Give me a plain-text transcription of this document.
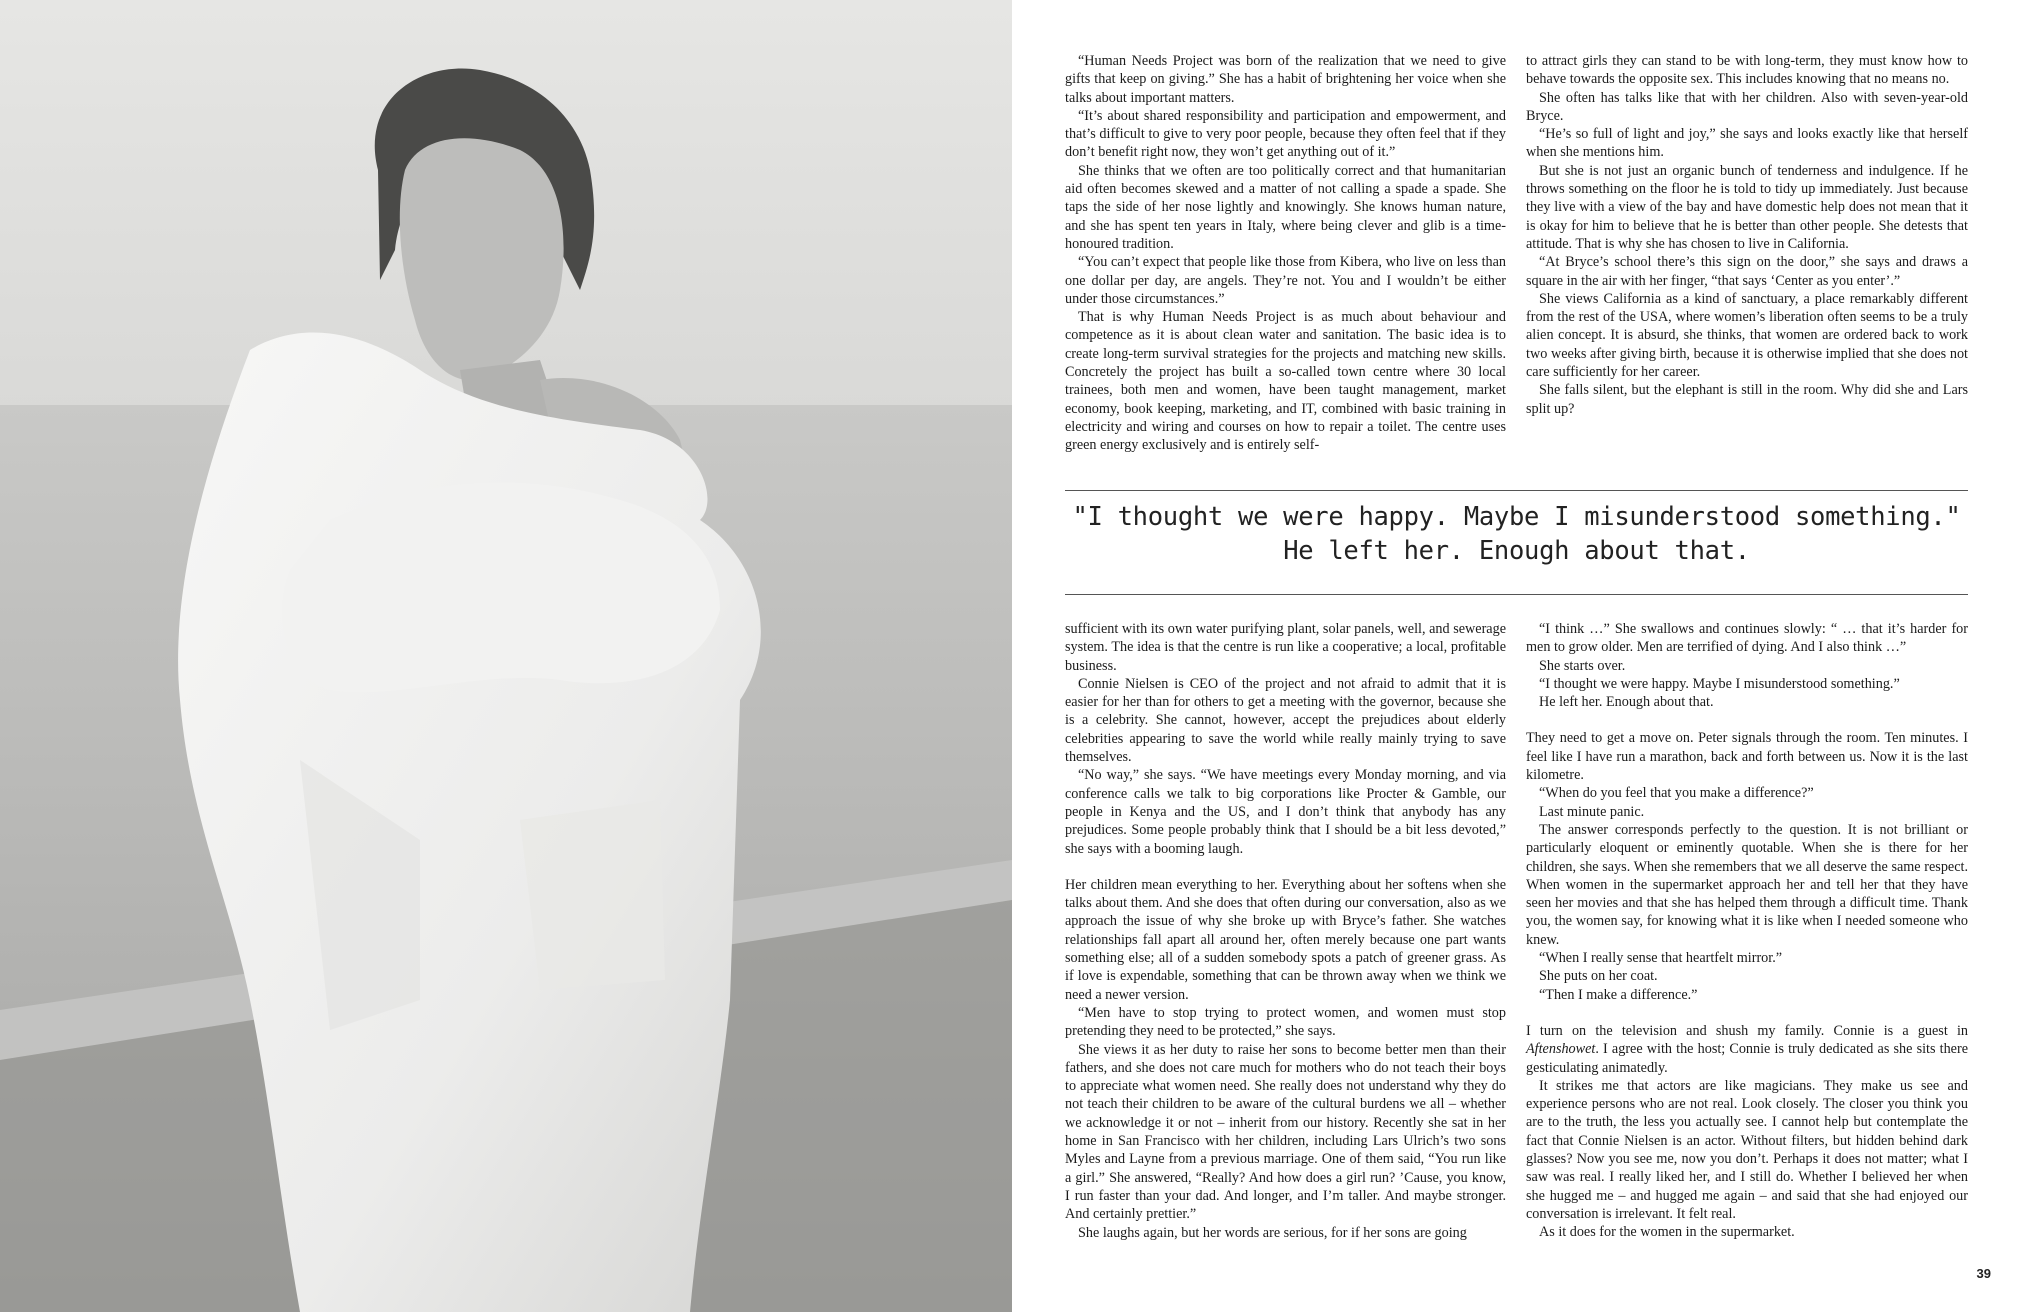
“Human Needs Project was born of the realization that we need to give gifts that keep on giving.” She has a habit of brightening her voice when she talks about important matters.

“It’s about shared responsibility and participation and empowerment, and that’s difficult to give to very poor people, because they often feel that if they don’t benefit right now, they won’t get anything out of it.”

She thinks that we often are too politically correct and that humanitarian aid often becomes skewed and a matter of not calling a spade a spade. She taps the side of her nose lightly and knowingly. She knows human nature, and she has spent ten years in Italy, where being clever and glib is a time-honoured tradition.

“You can’t expect that people like those from Kibera, who live on less than one dollar per day, are angels. They’re not. You and I wouldn’t be either under those circumstances.”

That is why Human Needs Project is as much about behaviour and competence as it is about clean water and sanitation. The basic idea is to create long-term survival strategies for the projects and matching new skills. Concretely the project has built a so-called town centre where 30 local trainees, both men and women, have been taught management, market economy, book keeping, marketing, and IT, combined with basic training in electricity and wiring and courses on how to repair a toilet. The centre uses green energy exclusively and is entirely self-

to attract girls they can stand to be with long-term, they must know how to behave towards the opposite sex. This includes knowing that no means no.

She often has talks like that with her children. Also with seven-year-old Bryce.

“He’s so full of light and joy,” she says and looks exactly like that herself when she mentions him.

But she is not just an organic bunch of tenderness and indulgence. If he throws something on the floor he is told to tidy up immediately. Just because they live with a view of the bay and have domestic help does not mean that it is okay for him to believe that he is better than other people. She detests that attitude. That is why she has chosen to live in California.

“At Bryce’s school there’s this sign on the door,” she says and draws a square in the air with her finger, “that says ‘Center as you enter’.”

She views California as a kind of sanctuary, a place remarkably different from the rest of the USA, where women’s liberation often seems to be a truly alien concept. It is absurd, she thinks, that women are ordered back to work two weeks after giving birth, because it is otherwise implied that she does not care sufficiently for her career.

She falls silent, but the elephant is still in the room. Why did she and Lars split up?

"I thought we were happy. Maybe I misunderstood something."
He left her. Enough about that.

sufficient with its own water purifying plant, solar panels, well, and sewerage system. The idea is that the centre is run like a cooperative; a local, profitable business.

Connie Nielsen is CEO of the project and not afraid to admit that it is easier for her than for others to get a meeting with the governor, because she is a celebrity. She cannot, however, accept the prejudices about elderly celebrities appearing to save the world while really mainly trying to save themselves.

“No way,” she says. “We have meetings every Monday morning, and via conference calls we talk to big corporations like Procter & Gamble, our people in Kenya and the US, and I don’t think that anybody has any prejudices. Some people probably think that I should be a bit less devoted,” she says with a booming laugh.

Her children mean everything to her. Everything about her softens when she talks about them. And she does that often during our conversation, also as we approach the issue of why she broke up with Bryce’s father. She watches relationships fall apart all around her, often merely because one part wants something else; all of a sudden somebody spots a patch of greener grass. As if love is expendable, something that can be thrown away when we think we need a newer version.

“Men have to stop trying to protect women, and women must stop pretending they need to be protected,” she says.

She views it as her duty to raise her sons to become better men than their fathers, and she does not care much for mothers who do not teach their boys to appreciate what women need. She really does not understand why they do not teach their children to be aware of the cultural burdens we all – whether we acknowledge it or not – inherit from our history. Recently she sat in her home in San Francisco with her children, including Lars Ulrich’s two sons Myles and Layne from a previous marriage. One of them said, “You run like a girl.” She answered, “Really? And how does a girl run? ’Cause, you know, I run faster than your dad. And longer, and I’m taller. And maybe stronger. And certainly prettier.”

She laughs again, but her words are serious, for if her sons are going

“I think …” She swallows and continues slowly: “ … that it’s harder for men to grow older. Men are terrified of dying. And I also think …”

She starts over.

“I thought we were happy. Maybe I misunderstood something.”

He left her. Enough about that.

They need to get a move on. Peter signals through the room. Ten minutes. I feel like I have run a marathon, back and forth between us. Now it is the last kilometre.

“When do you feel that you make a difference?”

Last minute panic.

The answer corresponds perfectly to the question. It is not brilliant or particularly eloquent or eminently quotable. When she is there for her children, she says. When she remembers that we all deserve the same respect. When women in the supermarket approach her and tell her that they have seen her movies and that she has helped them through a difficult time. Thank you, the women say, for knowing what it is like when I needed someone who knew.

“When I really sense that heartfelt mirror.”

She puts on her coat.

“Then I make a difference.”

I turn on the television and shush my family. Connie is a guest in Aftenshowet. I agree with the host; Connie is truly dedicated as she sits there gesticulating animatedly.

It strikes me that actors are like magicians. They make us see and experience persons who are not real. Look closely. The closer you think you are to the truth, the less you actually see. I cannot help but contemplate the fact that Connie Nielsen is an actor. Without filters, but hidden behind dark glasses? Now you see me, now you don’t. Perhaps it does not matter; what I saw was real. I really liked her, and I still do. Whether I believed her when she hugged me – and hugged me again – and said that she had enjoyed our conversation is irrelevant. It felt real.

As it does for the women in the supermarket.

39
